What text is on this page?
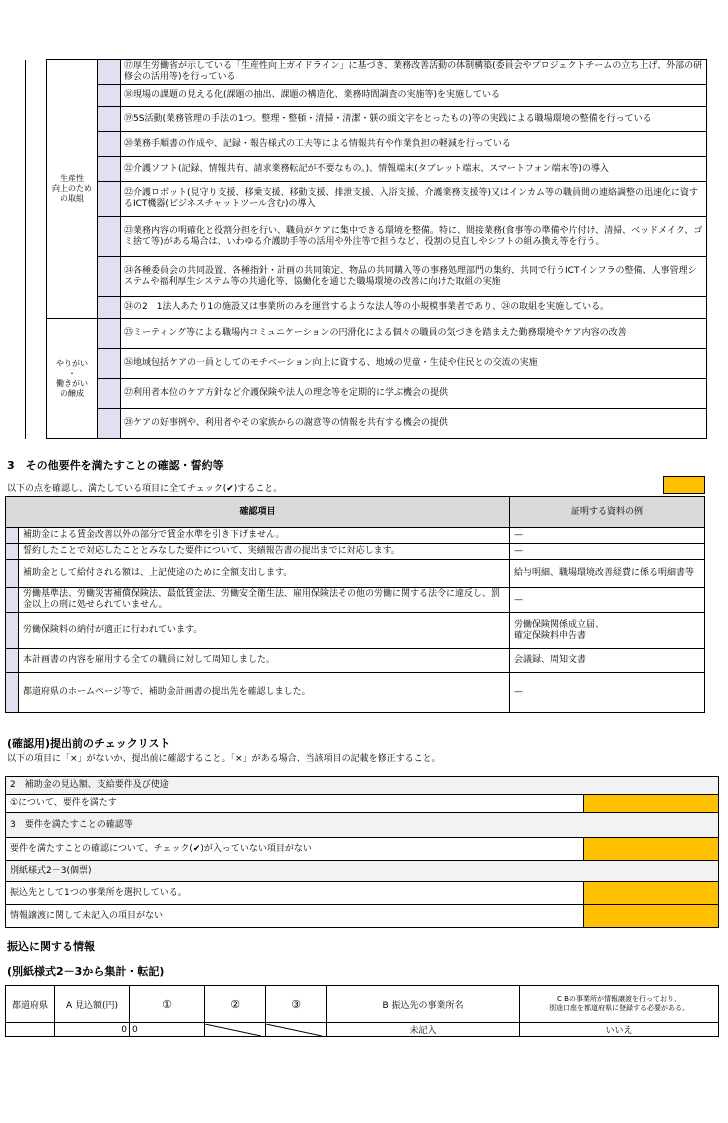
	生産性
向上のため
の取組		⑰厚生労働省が示している「生産性向上ガイドライン」に基づき、業務改善活動の体制構築(委員会やプロジェクトチームの立ち上げ、外部の研修会の活用等)を行っている
			⑱現場の課題の見える化(課題の抽出、課題の構造化、業務時間調査の実施等)を実施している
			⑲5S活動(業務管理の手法の1つ。整理・整頓・清掃・清潔・躾の頭文字をとったもの)等の実践による職場環境の整備を行っている
			⑳業務手順書の作成や、記録・報告様式の工夫等による情報共有や作業負担の軽減を行っている
			㉑介護ソフト(記録、情報共有、請求業務転記が不要なもの。)、情報端末(タブレット端末、スマートフォン端末等)の導入
			㉒介護ロボット(見守り支援、移乗支援、移動支援、排泄支援、入浴支援、介護業務支援等)又はインカム等の職員間の連絡調整の迅速化に資するICT機器(ビジネスチャットツール含む)の導入
			㉓業務内容の明確化と役割分担を行い、職員がケアに集中できる環境を整備。特に、間接業務(食事等の準備や片付け、清掃、ベッドメイク、ゴミ捨て等)がある場合は、いわゆる介護助手等の活用や外注等で担うなど、役割の見直しやシフトの組み換え等を行う。
			㉔各種委員会の共同設置、各種指針・計画の共同策定、物品の共同購入等の事務処理部門の集約、共同で行うICTインフラの整備、人事管理システムや福利厚生システム等の共通化等、協働化を通じた職場環境の改善に向けた取組の実施
			㉔の2　1法人あたり1の施設又は事業所のみを運営するような法人等の小規模事業者であり、㉔の取組を実施している。
	やりがい
・
働きがい
の醸成		㉕ミーティング等による職場内コミュニケーションの円滑化による個々の職員の気づきを踏まえた勤務環境やケア内容の改善
			㉖地域包括ケアの一員としてのモチベーション向上に資する、地域の児童・生徒や住民との交流の実施
			㉗利用者本位のケア方針など介護保険や法人の理念等を定期的に学ぶ機会の提供
			㉘ケアの好事例や、利用者やその家族からの謝意等の情報を共有する機会の提供
3　その他要件を満たすことの確認・誓約等
以下の点を確認し、満たしている項目に全てチェック(✔)すること。
確認項目		証明する資料の例
	補助金による賃金改善以外の部分で賃金水準を引き下げません。	—
	誓約したことで対応したこととみなした要件について、実績報告書の提出までに対応します。	—
	補助金として給付される額は、上記使途のために全額支出します。	給与明細、職場環境改善経費に係る明細書等
	労働基準法、労働災害補償保険法、最低賃金法、労働安全衛生法、雇用保険法その他の労働に関する法令に違反し、罰金以上の刑に処せられていません。	—
	労働保険料の納付が適正に行われています。	労働保険関係成立届、
確定保険料申告書
	本計画書の内容を雇用する全ての職員に対して周知しました。	会議録、周知文書
	都道府県のホームページ等で、補助金計画書の提出先を確認しました。	—
(確認用)提出前のチェックリスト
以下の項目に「×」がないか、提出前に確認すること。「×」がある場合、当該項目の記載を修正すること。
2　補助金の見込額、支給要件及び使途	
①について、要件を満たす	
3　要件を満たすことの確認等	
要件を満たすことの確認について、チェック(✔)が入っていない項目がない	
別紙様式2－3(個票)	
振込先として1つの事業所を選択している。	
情報譲渡に関して未記入の項目がない	
振込に関する情報
(別紙様式2－3から集計・転記)
都道府県	A 見込額(円)	①	②	③	B 振込先の事業所名	C Bの事業所が情報譲渡を行っており、
別途口座を都道府県に登録する必要がある。
	0	0			未記入	いいえ
